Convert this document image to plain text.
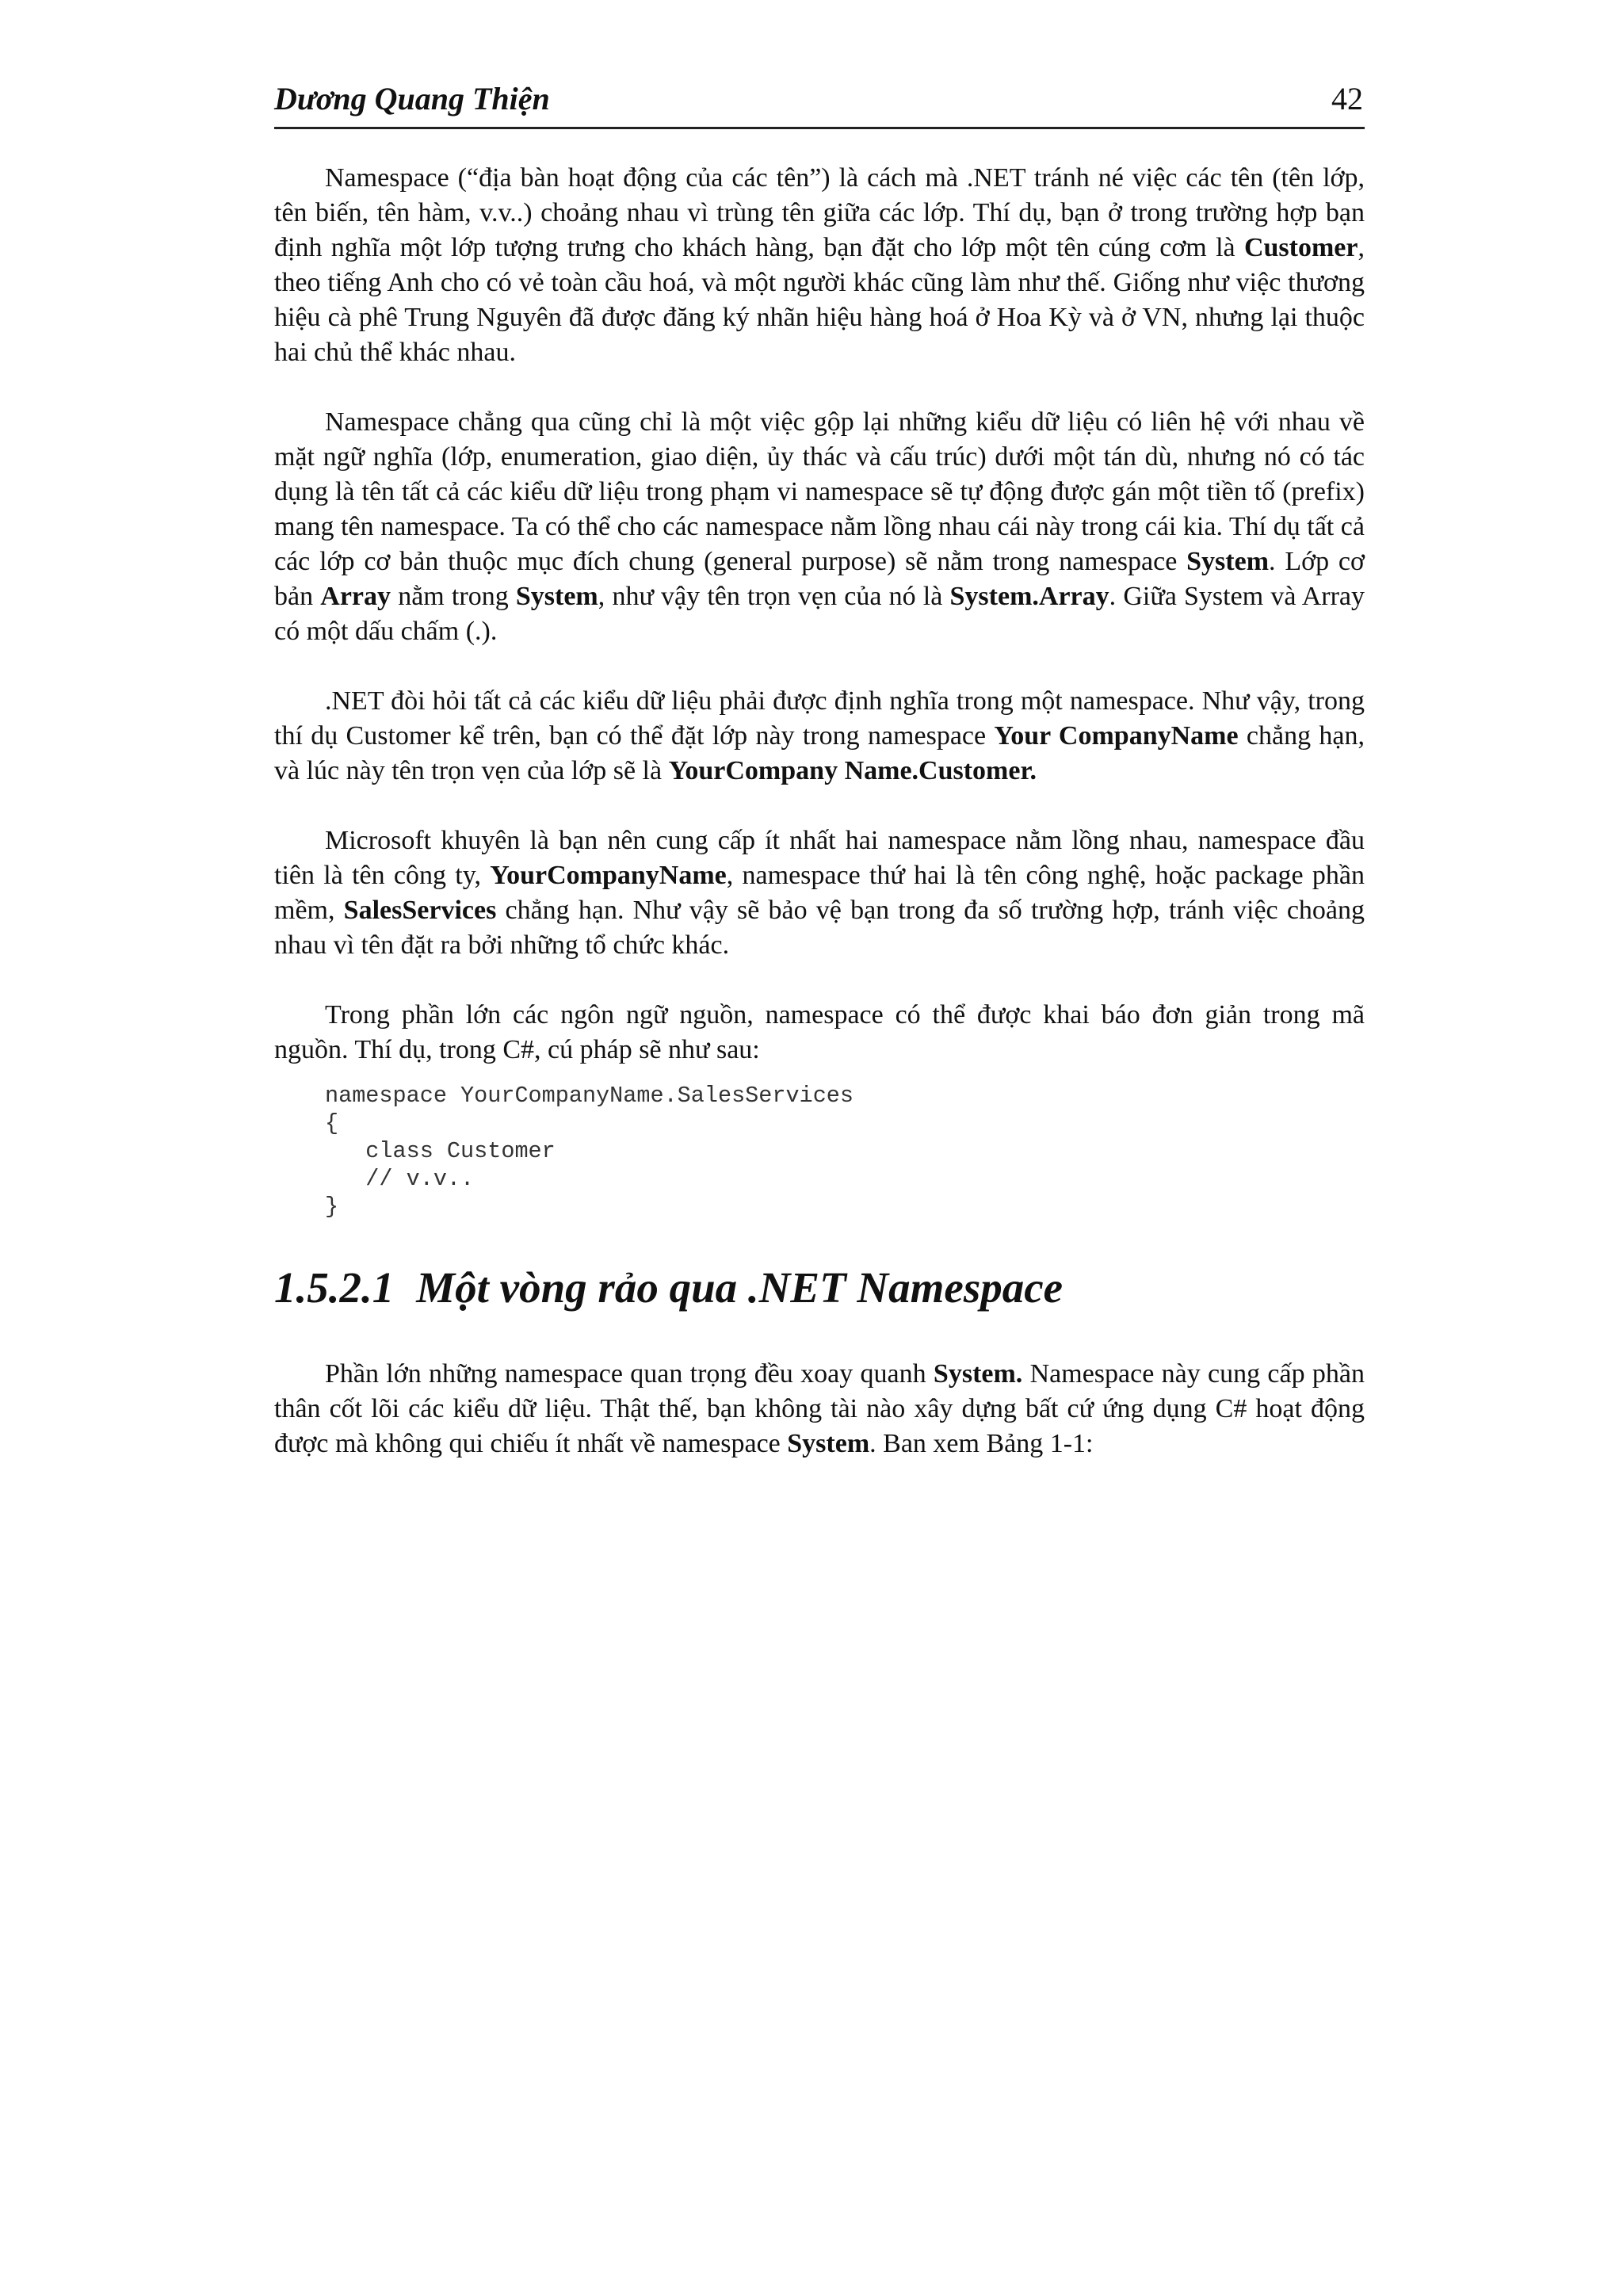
Dương Quang Thiện	42

Namespace (“địa bàn hoạt động của các tên”) là cách mà .NET tránh né việc các tên (tên lớp, tên biến, tên hàm, v.v..) choảng nhau vì trùng tên giữa các lớp. Thí dụ, bạn ở trong trường hợp bạn định nghĩa một lớp tượng trưng cho khách hàng, bạn đặt cho lớp một tên cúng cơm là Customer, theo tiếng Anh cho có vẻ toàn cầu hoá, và một người khác cũng làm như thế. Giống như việc thương hiệu cà phê Trung Nguyên đã được đăng ký nhãn hiệu hàng hoá ở Hoa Kỳ và ở VN, nhưng lại thuộc hai chủ thể khác nhau.

Namespace chẳng qua cũng chỉ là một việc gộp lại những kiểu dữ liệu có liên hệ với nhau về mặt ngữ nghĩa (lớp, enumeration, giao diện, ủy thác và cấu trúc) dưới một tán dù, nhưng nó có tác dụng là tên tất cả các kiểu dữ liệu trong phạm vi namespace sẽ tự động được gán một tiền tố (prefix) mang tên namespace. Ta có thể cho các namespace nằm lồng nhau cái này trong cái kia. Thí dụ tất cả các lớp cơ bản thuộc mục đích chung (general purpose) sẽ nằm trong namespace System. Lớp cơ bản Array nằm trong System, như vậy tên trọn vẹn của nó là System.Array. Giữa System và Array có một dấu chấm (.).

.NET đòi hỏi tất cả các kiểu dữ liệu phải được định nghĩa trong một namespace. Như vậy, trong thí dụ Customer kể trên, bạn có thể đặt lớp này trong namespace Your CompanyName chẳng hạn, và lúc này tên trọn vẹn của lớp sẽ là YourCompany Name.Customer.

Microsoft khuyên là bạn nên cung cấp ít nhất hai namespace nằm lồng nhau, namespace đầu tiên là tên công ty, YourCompanyName, namespace thứ hai là tên công nghệ, hoặc package phần mềm, SalesServices chẳng hạn. Như vậy sẽ bảo vệ bạn trong đa số trường hợp, tránh việc choảng nhau vì tên đặt ra bởi những tổ chức khác.

Trong phần lớn các ngôn ngữ nguồn, namespace có thể được khai báo đơn giản trong mã nguồn. Thí dụ, trong C#, cú pháp sẽ như sau:

namespace YourCompanyName.SalesServices
{
class Customer
// v.v..
}
1.5.2.1 Một vòng rảo qua .NET Namespace

Phần lớn những namespace quan trọng đều xoay quanh System. Namespace này cung cấp phần thân cốt lõi các kiểu dữ liệu. Thật thế, bạn không tài nào xây dựng bất cứ ứng dụng C# hoạt động được mà không qui chiếu ít nhất về namespace System. Ban xem Bảng 1-1:
